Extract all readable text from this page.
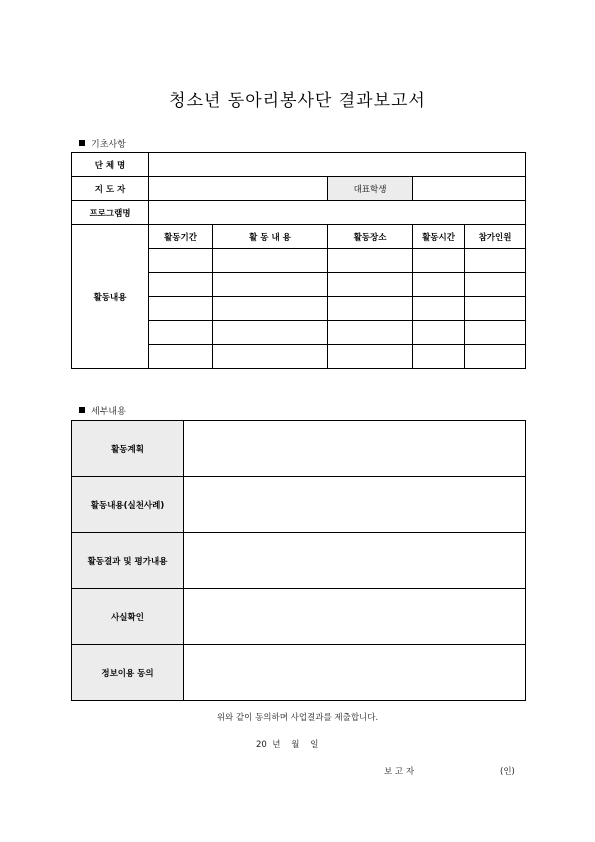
청소년 동아리봉사단 결과보고서
기초사항
단 체 명					
지 도 자			대표학생		
프로그램명					
활동내용	활동기간	활 동 내 용	활동장소	활동시간	참가인원

세부내용
활동계획	
활동내용(실천사례)	
활동결과 및 평가내용	
사실확인	
정보이용 동의	
위와 같이 동의하며 사업결과를 제출합니다.
20  년    월    일
보 고 자	(인)
